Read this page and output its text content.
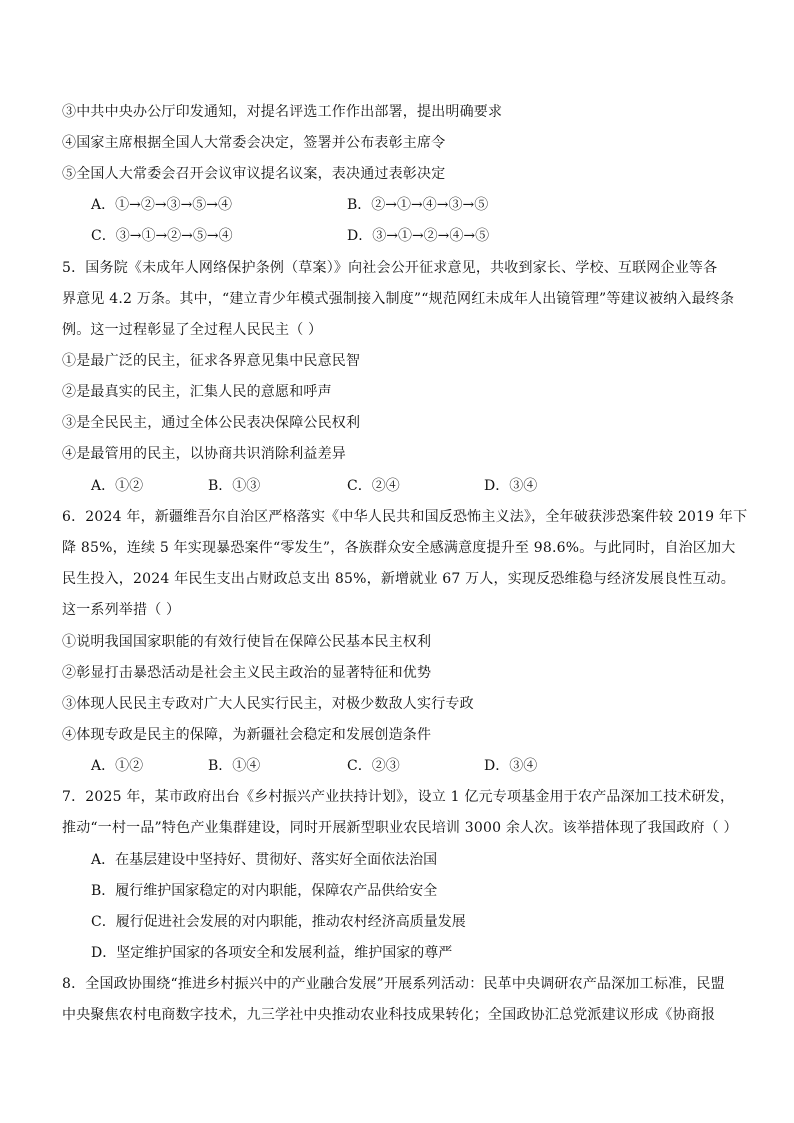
③中共中央办公厅印发通知，对提名评选工作作出部署，提出明确要求
④国家主席根据全国人大常委会决定，签署并公布表彰主席令
⑤全国人大常委会召开会议审议提名议案，表决通过表彰决定
A．①→②→③→⑤→④	B．②→①→④→③→⑤
C．③→①→②→⑤→④	D．③→①→②→④→⑤
5．国务院《未成年人网络保护条例（草案）》向社会公开征求意见，共收到家长、学校、互联网企业等各
界意见 4.2 万条。其中，“建立青少年模式强制接入制度”“规范网红未成年人出镜管理”等建议被纳入最终条
例。这一过程彰显了全过程人民民主（ ）
①是最广泛的民主，征求各界意见集中民意民智
②是最真实的民主，汇集人民的意愿和呼声
③是全民民主，通过全体公民表决保障公民权利
④是最管用的民主，以协商共识消除利益差异
A．①②	B．①③	C．②④	D．③④
6．2024 年，新疆维吾尔自治区严格落实《中华人民共和国反恐怖主义法》，全年破获涉恐案件较 2019 年下
降 85%，连续 5 年实现暴恐案件“零发生”，各族群众安全感满意度提升至 98.6%。与此同时，自治区加大
民生投入，2024 年民生支出占财政总支出 85%，新增就业 67 万人，实现反恐维稳与经济发展良性互动。
这一系列举措（ ）
①说明我国国家职能的有效行使旨在保障公民基本民主权利
②彰显打击暴恐活动是社会主义民主政治的显著特征和优势
③体现人民民主专政对广大人民实行民主，对极少数敌人实行专政
④体现专政是民主的保障，为新疆社会稳定和发展创造条件
A．①②	B．①④	C．②③	D．③④
7．2025 年，某市政府出台《乡村振兴产业扶持计划》，设立 1 亿元专项基金用于农产品深加工技术研发，
推动“一村一品”特色产业集群建设，同时开展新型职业农民培训 3000 余人次。该举措体现了我国政府（ ）
A．在基层建设中坚持好、贯彻好、落实好全面依法治国
B．履行维护国家稳定的对内职能，保障农产品供给安全
C．履行促进社会发展的对内职能，推动农村经济高质量发展
D．坚定维护国家的各项安全和发展利益，维护国家的尊严
8．全国政协围绕“推进乡村振兴中的产业融合发展”开展系列活动：民革中央调研农产品深加工标准，民盟
中央聚焦农村电商数字技术，九三学社中央推动农业科技成果转化；全国政协汇总党派建议形成《协商报
